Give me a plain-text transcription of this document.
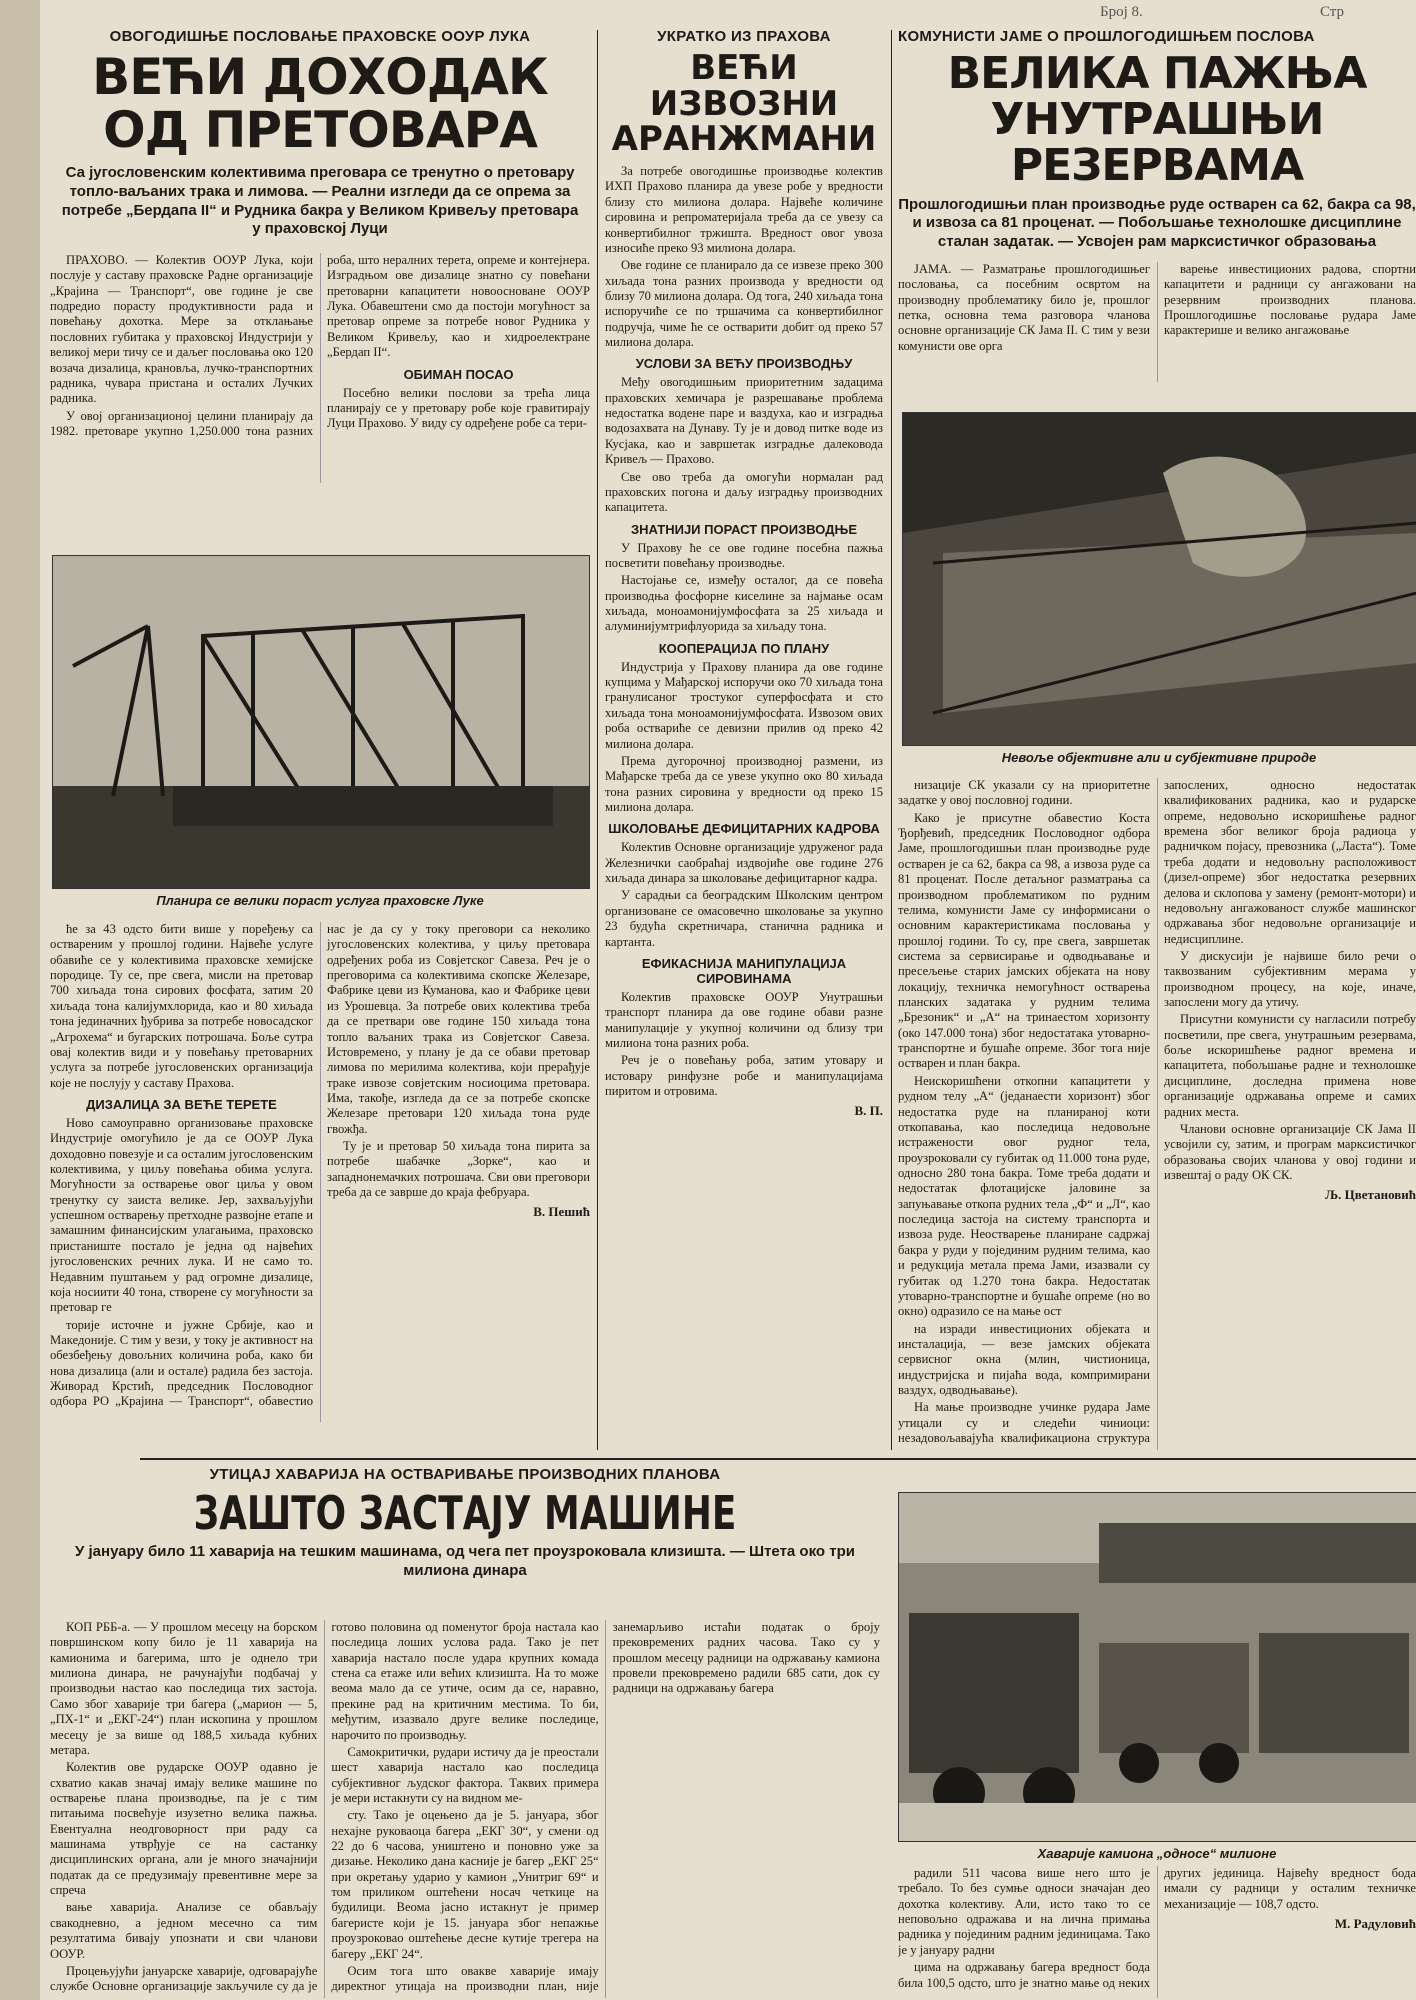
Број 8.	Стр
ОВОГОДИШЊЕ ПОСЛОВАЊЕ ПРАХОВСКЕ ООУР ЛУКА
ВЕЋИ ДОХОДАК ОД ПРЕТОВАРА
Са југословенским колективима преговара се тренутно о претовару топло-ваљаних трака и лимова. — Реални изгледи да се опрема за потребе „Бердапа II“ и Рудника бакра у Великом Кривељу претовара у праховској Луци

ПРАХОВО. — Колектив ООУР Лука, који послује у саставу праховске Радне организације „Крајина — Транспорт“, ове године је све подредио порасту продуктивности рада и повећању дохотка. Мере за отклањање пословних губитака у праховској Индустрији у великој мери тичу се и даљег пословања око 120 возача дизалица, крановља, лучко-транспортних радника, чувара пристана и осталих Лучких радника.

У овој организационој целини планирају да 1982. претоваре укупно 1,250.000 тона разних роба, што нералних терета, опреме и контејнера. Изградњом ове дизалице знатно су повећани претоварни капацитети новоосноване ООУР Лука. Обавештени смо да постоји могућност за претовар опреме за потребе новог Рудника у Великом Кривељу, као и хидроелектране „Бердап II“.

ОБИМАН ПОСАО

Посебно велики послови за трећа лица планирају се у претовару робе које гравитирају Луци Прахово. У виду су одређене робе са тери-

Планира се велики пораст услуга праховске Луке

ће за 43 одсто бити више у поређењу са оствареним у прошлој години. Највеће услуге обавиће се у колективима праховске хемијске породице. Ту се, пре свега, мисли на претовар 700 хиљада тона сирових фосфата, затим 20 хиљада тона калијумхлорида, као и 80 хиљада тона јединачних ђубрива за потребе новосадског „Агрохема“ и бугарских потрошача. Боље сутра овај колектив види и у повећању претоварних услуга за потребе југословенских организација које не послују у саставу Прахова.

ДИЗАЛИЦА ЗА ВЕЋЕ ТЕРЕТЕ

Ново самоуправно организовање праховске Индустрије омогућило је да се ООУР Лука доходовно повезује и са осталим југословенским колективима, у циљу повећања обима услуга. Могућности за остварење овог циља у овом тренутку су заиста велике. Јер, захваљујући успешном остварењу претходне развојне етапе и замашним финансијским улагањима, праховско пристаниште постало је једна од највећих југословенских речних лука. И не само то. Недавним пуштањем у рад огромне дизалице, која носиити 40 тона, створене су могућности за претовар ге

торије источне и јужне Србије, као и Македоније. С тим у вези, у току је активност на обезбеђењу довољних количина роба, како би нова дизалица (али и остале) радила без застоја. Живорад Крстић, председник Пословодног одбора РО „Крајина — Транспорт“, обавестио нас је да су у току преговори са неколико југословенских колектива, у циљу претовара одређених роба из Совјетског Савеза. Реч је о преговорима са колективима скопске Железаре, Фабрике цеви из Куманова, као и Фабрике цеви из Урошевца. За потребе ових колектива треба да се претвари ове године 150 хиљада тона топло ваљаних трака из Совјетског Савеза. Истовремено, у плану је да се обави претовар лимова по мерилима колектива, који прерађује траке извозе совјетским носиоцима претовара. Има, такође, изгледа да се за потребе скопске Железаре претовари 120 хиљада тона руде гвожђа.

Ту је и претовар 50 хиљада тона пирита за потребе шабачке „Зорке“, као и западнонемачких потрошача. Сви ови преговори треба да се заврше до краја фебруара.

В. Пешић
УКРАТКО ИЗ ПРАХОВА
ВЕЋИ ИЗВОЗНИ АРАНЖМАНИ

За потребе овогодишње производње колектив ИХП Прахово планира да увезе робе у вредности близу сто милиона долара. Највеће количине сировина и репроматеријала треба да се увезу са конвертибилног тржишта. Вредност овог увоза износиће преко 93 милиона долара.

Ове године се планирало да се извезе преко 300 хиљада тона разних производа у вредности од близу 70 милиона долара. Од тога, 240 хиљада тона испоручиће се по тршачима са конвертибилног подручја, чиме ће се остварити добит од преко 57 милиона долара.

УСЛОВИ ЗА ВЕЋУ ПРОИЗВОДЊУ

Међу овогодишњим приоритетним задацима праховских хемичара је разрешавање проблема недостатка водене паре и ваздуха, као и изградња водозахвата на Дунаву. Ту је и довод питке воде из Кусјака, као и завршетак изградње далековода Кривељ — Прахово.

Све ово треба да омогући нормалан рад праховских погона и даљу изградњу производних капацитета.

ЗНАТНИЈИ ПОРАСТ ПРОИЗВОДЊЕ

У Прахову ће се ове године посебна пажња посветити повећању производње.

Настојање се, између осталог, да се повећа производња фосфорне киселине за најмање осам хиљада, моноамонијумфосфата за 25 хиљада и алуминијумтрифлуорида за хиљаду тона.

КООПЕРАЦИЈА ПО ПЛАНУ

Индустрија у Прахову планира да ове године купцима у Мађарској испоручи око 70 хиљада тона гранулисаног тростуког суперфосфата и сто хиљада тона моноамонијумфосфата. Извозом ових роба оствариће се девизни прилив од преко 42 милиона долара.

Према дугорочној производној размени, из Мађарске треба да се увезе укупно око 80 хиљада тона разних сировина у вредности од преко 15 милиона долара.

ШКОЛОВАЊЕ ДЕФИЦИТАРНИХ КАДРОВА

Колектив Основне организације удруженог рада Железнички саобраћај издвојиће ове године 276 хиљада динара за школовање дефицитарног кадра.

У сарадњи са београдским Школским центром организоване се омасовечно школовање за укупно 23 будућа скретничара, станична радника и картанта.

ЕФИКАСНИЈА МАНИПУЛАЦИЈА СИРОВИНАМА

Колектив праховске ООУР Унутрашњи транспорт планира да ове године обави разне манипулације у укупној количини од близу три милиона тона разних роба.

Реч је о повећању роба, затим утовару и истовару ринфузне робе и манипулацијама пиритом и отровима.

В. П.
КОМУНИСТИ ЈАМЕ О ПРОШЛОГОДИШЊЕМ ПОСЛОВА
ВЕЛИКА ПАЖЊА УНУТРАШЊИ РЕЗЕРВАМА
Прошлогодишњи план производње руде остварен са 62, бакра са 98, и извоза са 81 проценат. — Побољшање технолошке дисциплине сталан задатак. — Усвојен рам марксистичког образовања

ЈАМА. — Разматрање прошлогодишњег пословања, са посебним освртом на производну проблематику било је, прошлог петка, основна тема разговора чланова основне организације СК Јама II. С тим у вези комунисти ове орга

варење инвестиционих радова, спортни капацитети и радници су ангажовани на резервним производних планова. Прошлогодишње пословање рудара Јаме карактерише и велико ангажовање

Невоље објективне али и субјективне природе

низације СК указали су на приоритетне задатке у овој пословној години.

Како је присутне обавестио Коста Ђорђевић, председник Пословодног одбора Јаме, прошлогодишњи план производње руде остварен је са 62, бакра са 98, а извоза руде са 81 проценат. После детаљног разматрања са производном проблематиком по рудним телима, комунисти Јаме су информисани о основним карактеристикама пословања у прошлој години. То су, пре свега, завршетак система за сервисирање и одводњавање и пресељење старих јамских објеката на нову локацију, техничка немогућност остварења планских задатака у рудним телима „Брезоник“ и „А“ на тринаестом хоризонту (око 147.000 тона) због недостатака утоварно-транспортне и бушаће опреме. Због тога није остварен и план бакра.

Неискоришћени откопни капацитети у рудном телу „А“ (једанаести хоризонт) због недостатка руде на планираној коти откопавања, као последица недовољне истражености овог рудног тела, проузроковали су губитак од 11.000 тона руде, односно 280 тона бакра. Томе треба додати и недостатак флотацијске јаловине за запуњавање откопа рудних тела „Ф“ и „Л“, као последица застоја на систему транспорта и извоза руде. Неостварење планиране садржај бакра у руди у појединим рудним телима, као и редукција метала према Јами, изазвали су губитак од 1.270 тона бакра. Недостатак утоварно-транспортне и бушаће опреме (но во окно) одразило се на мање ост

на изради инвестиционих објеката и инсталација, — везе јамских објеката сервисног окна (млин, чистионица, индустријска и пијаћа вода, компримирани ваздух, одводњавање).

На мање производне учинке рудара Јаме утицали су и следећи чиниоци: незадовољавајућа квалификациона структура запослених, односно недостатак квалификованих радника, као и рударске опреме, недовољно искоришћење радног времена због великог броја радиоца у радничком појасу, превозника („Ласта“). Томе треба додати и недовољну расположивост (дизел-опреме) због недостатка резервних делова и склопова у замену (ремонт-мотори) и недовољну ангажованост службе машинског одржавања због недовољне организације и недисциплине.

У дискусији је највише било речи о таквозваним субјективним мерама у производном процесу, на које, иначе, запослени могу да утичу.

Присутни комунисти су нагласили потребу посветили, пре свега, унутрашњим резервама, боље искоришћење радног времена и капацитета, побољшање радне и технолошке дисциплине, доследна примена нове организације одржавања опреме и самих радних места.

Чланови основне организације СК Јама II усвојили су, затим, и програм марксистичког образовања својих чланова у овој години и извештај о раду ОК СК.

Љ. Цветановић
УТИЦАЈ ХАВАРИЈА НА ОСТВАРИВАЊЕ ПРОИЗВОДНИХ ПЛАНОВА
ЗАШТО ЗАСТАЈУ МАШИНЕ
У јануару било 11 хаварија на тешким машинама, од чега пет проузроковала клизишта. — Штета око три милиона динара

КОП РББ-а. — У прошлом месецу на борском површинском копу било је 11 хаварија на камионима и багерима, што је однело три милиона динара, не рачунајући подбачај у производњи настао као последица тих застоја. Само због хаварије три багера („марион — 5, „ПХ-1“ и „ЕКГ-24“) план ископина у прошлом месецу је за више од 188,5 хиљада кубних метара.

Колектив ове рударске ООУР одавно је схватио какав значај имају велике машине по остварење плана производње, па је с тим питањима посвећује изузетно велика пажња. Евентуална неодговорност при раду са машинама утврђује се на састанку дисциплинских органа, али је много значајнији податак да се предузимају превентивне мере за спреча

вање хаварија. Анализе се обављају свакодневно, а једном месечно са тим резултатима бивају упознати и сви чланови ООУР.

Процењујући јануарске хаварије, одговарајуће службе Основне организације закључиле су да је готово половина од поменутог броја настала као последица лоших услова рада. Тако је пет хаварија настало после удара крупних комада стена са етаже или већих клизишта. На то може веома мало да се утиче, осим да се, наравно, прекине рад на критичним местима. То би, међутим, изазвало друге велике последице, нарочито по производњу.

Самокритички, рудари истичу да је преостали шест хаварија настало као последица субјективног људског фактора. Таквих примера је мери истакнути су на видном ме-

сту. Тако је оцењено да је 5. јануара, због нехајне руковаоца багера „ЕКГ 30“, у смени од 22 до 6 часова, уништено и поновно уже за дизање. Неколико дана касније је багер „ЕКГ 25“ при окретању ударио у камион „Унитриг 69“ и том приликом оштећени носач четкице на будилици. Веома јасно истакнут је пример багеристе који је 15. јануара због непажње проузроковао оштећење десне кутије трегера на багеру „ЕКГ 24“.

Осим тога што овакве хаварије имају директног утицаја на производни план, није занемарљиво истаћи податак о броју прековремених радних часова. Тако су у прошлом месецу радници на одржавању камиона провели прековремено радили 685 сати, док су радници на одржавању багера

Хаварије камиона „односе“ милионе

радили 511 часова више него што је требало. То без сумње односи значајан део дохотка колективу. Али, исто тако то се неповољно одражава и на лична примања радника у појединим радним јединицама. Тако је у јануару радни

цима на одржавању багера вредност бода била 100,5 одсто, што је знатно мање од неких других јединица. Највећу вредност бода имали су радници у осталим техничке механизације — 108,7 одсто.

М. Радуловић
